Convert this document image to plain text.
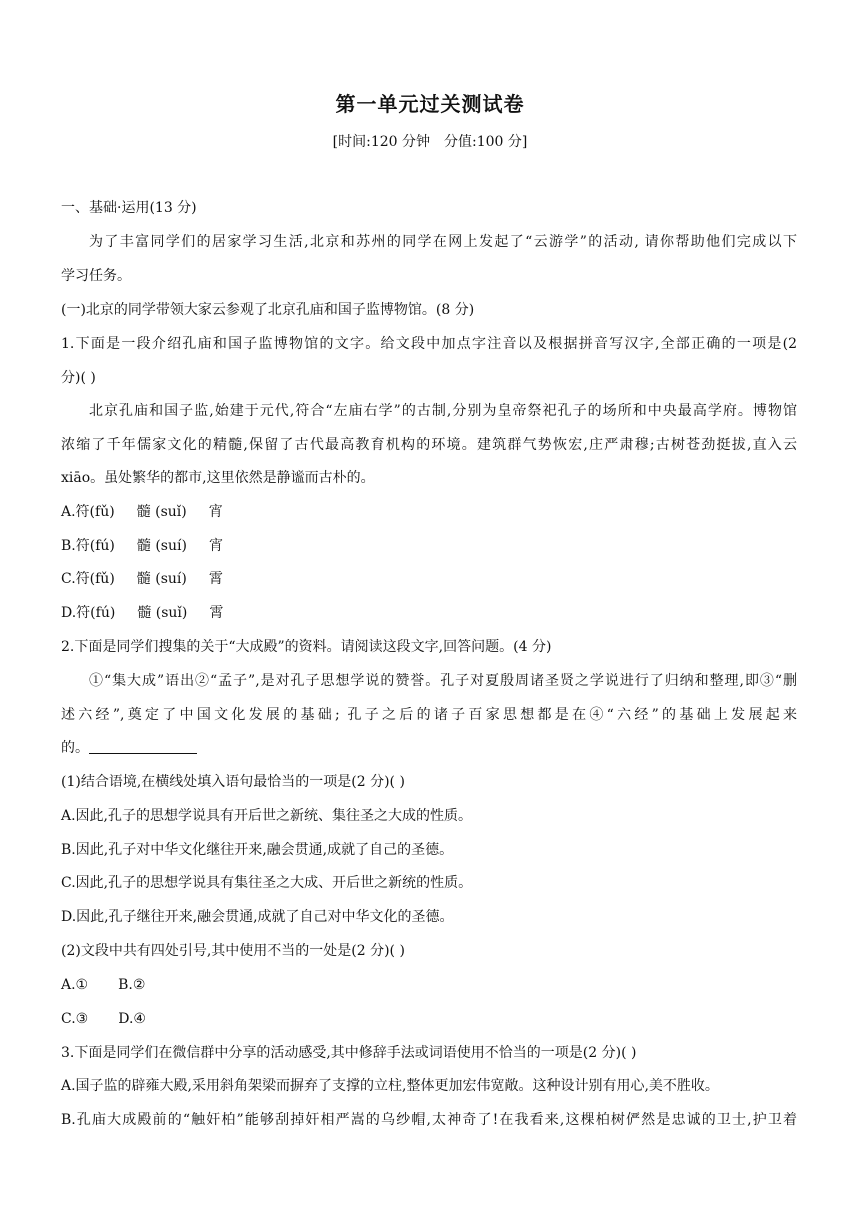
第一单元过关测试卷
[时间:120 分钟 分值:100 分]
一、基础·运用(13 分)
为了丰富同学们的居家学习生活,北京和苏州的同学在网上发起了“云游学”的活动, 请你帮助他们完成以下
学习任务。
(一)北京的同学带领大家云参观了北京孔庙和国子监博物馆。(8 分)
1.下面是一段介绍孔庙和国子监博物馆的文字。给文段中加点字注音以及根据拼音写汉字,全部正确的一项是(2
分)( )
北京孔庙和国子监,始建于元代,符合“左庙右学”的古制,分别为皇帝祭祀孔子的场所和中央最高学府。博物馆
浓缩了千年儒家文化的精髓,保留了古代最高教育机构的环境。建筑群气势恢宏,庄严肃穆;古树苍劲挺拔,直入云
xiāo。虽处繁华的都市,这里依然是静谧而古朴的。
A.符(fǔ) 髓 (suǐ) 宵
B.符(fú) 髓 (suí) 宵
C.符(fǔ) 髓 (suí) 霄
D.符(fú) 髓 (suǐ) 霄
2.下面是同学们搜集的关于“大成殿”的资料。请阅读这段文字,回答问题。(4 分)
①“集大成”语出②“孟子”,是对孔子思想学说的赞誉。孔子对夏殷周诸圣贤之学说进行了归纳和整理,即③“删
述六经”,奠定了中国文化发展的基础; 孔子之后的诸子百家思想都是在④“六经”的基础上发展起来
的。
(1)结合语境,在横线处填入语句最恰当的一项是(2 分)( )
A.因此,孔子的思想学说具有开后世之新统、集往圣之大成的性质。
B.因此,孔子对中华文化继往开来,融会贯通,成就了自己的圣德。
C.因此,孔子的思想学说具有集往圣之大成、开后世之新统的性质。
D.因此,孔子继往开来,融会贯通,成就了自己对中华文化的圣德。
(2)文段中共有四处引号,其中使用不当的一处是(2 分)( )
A.① B.②
C.③ D.④
3.下面是同学们在微信群中分享的活动感受,其中修辞手法或词语使用不恰当的一项是(2 分)( )
A.国子监的辟雍大殿,采用斜角架梁而摒弃了支撑的立柱,整体更加宏伟宽敞。这种设计别有用心,美不胜收。
B.孔庙大成殿前的“触奸柏”能够刮掉奸相严嵩的乌纱帽,太神奇了!在我看来,这棵柏树俨然是忠诚的卫士,护卫着
